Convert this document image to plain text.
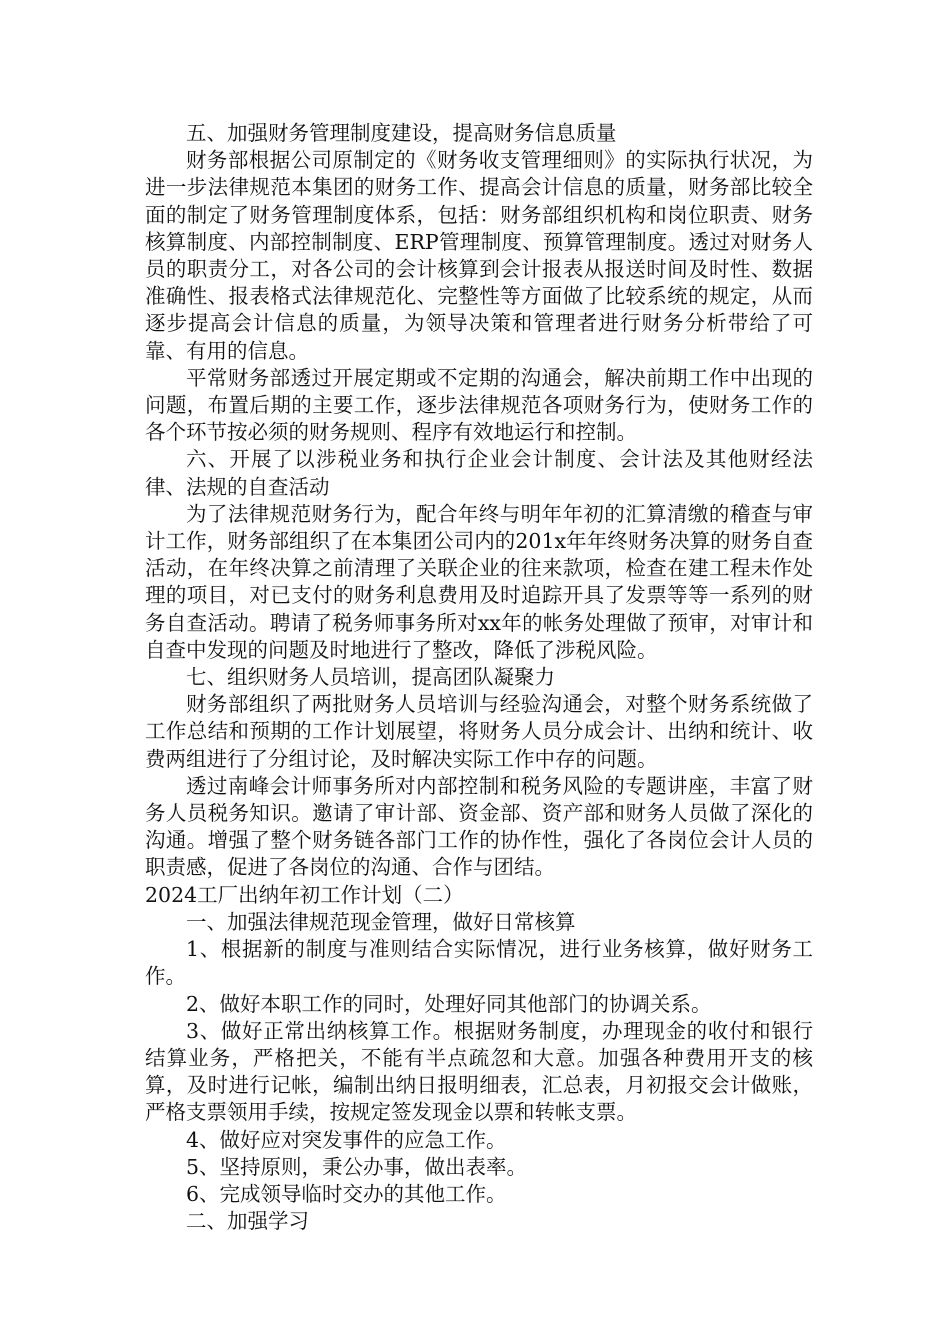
五、加强财务管理制度建设，提高财务信息质量

财务部根据公司原制定的《财务收支管理细则》的实际执行状况，为进一步法律规范本集团的财务工作、提高会计信息的质量，财务部比较全面的制定了财务管理制度体系，包括：财务部组织机构和岗位职责、财务核算制度、内部控制制度、ERP管理制度、预算管理制度。透过对财务人员的职责分工，对各公司的会计核算到会计报表从报送时间及时性、数据准确性、报表格式法律规范化、完整性等方面做了比较系统的规定，从而逐步提高会计信息的质量，为领导决策和管理者进行财务分析带给了可靠、有用的信息。

平常财务部透过开展定期或不定期的沟通会，解决前期工作中出现的问题，布置后期的主要工作，逐步法律规范各项财务行为，使财务工作的各个环节按必须的财务规则、程序有效地运行和控制。

六、开展了以涉税业务和执行企业会计制度、会计法及其他财经法律、法规的自查活动

为了法律规范财务行为，配合年终与明年年初的汇算清缴的稽查与审计工作，财务部组织了在本集团公司内的201x年年终财务决算的财务自查活动，在年终决算之前清理了关联企业的往来款项，检查在建工程未作处理的项目，对已支付的财务利息费用及时追踪开具了发票等等一系列的财务自查活动。聘请了税务师事务所对xx年的帐务处理做了预审，对审计和自查中发现的问题及时地进行了整改，降低了涉税风险。

七、组织财务人员培训，提高团队凝聚力

财务部组织了两批财务人员培训与经验沟通会，对整个财务系统做了工作总结和预期的工作计划展望，将财务人员分成会计、出纳和统计、收费两组进行了分组讨论，及时解决实际工作中存的问题。

透过南峰会计师事务所对内部控制和税务风险的专题讲座，丰富了财务人员税务知识。邀请了审计部、资金部、资产部和财务人员做了深化的沟通。增强了整个财务链各部门工作的协作性，强化了各岗位会计人员的职责感，促进了各岗位的沟通、合作与团结。

2024工厂出纳年初工作计划（二）

一、加强法律规范现金管理，做好日常核算

1、根据新的制度与准则结合实际情况，进行业务核算，做好财务工作。

2、做好本职工作的同时，处理好同其他部门的协调关系。

3、做好正常出纳核算工作。根据财务制度，办理现金的收付和银行结算业务，严格把关，不能有半点疏忽和大意。加强各种费用开支的核算，及时进行记帐，编制出纳日报明细表，汇总表，月初报交会计做账，严格支票领用手续，按规定签发现金以票和转帐支票。

4、做好应对突发事件的应急工作。

5、坚持原则，秉公办事，做出表率。

6、完成领导临时交办的其他工作。

二、加强学习
